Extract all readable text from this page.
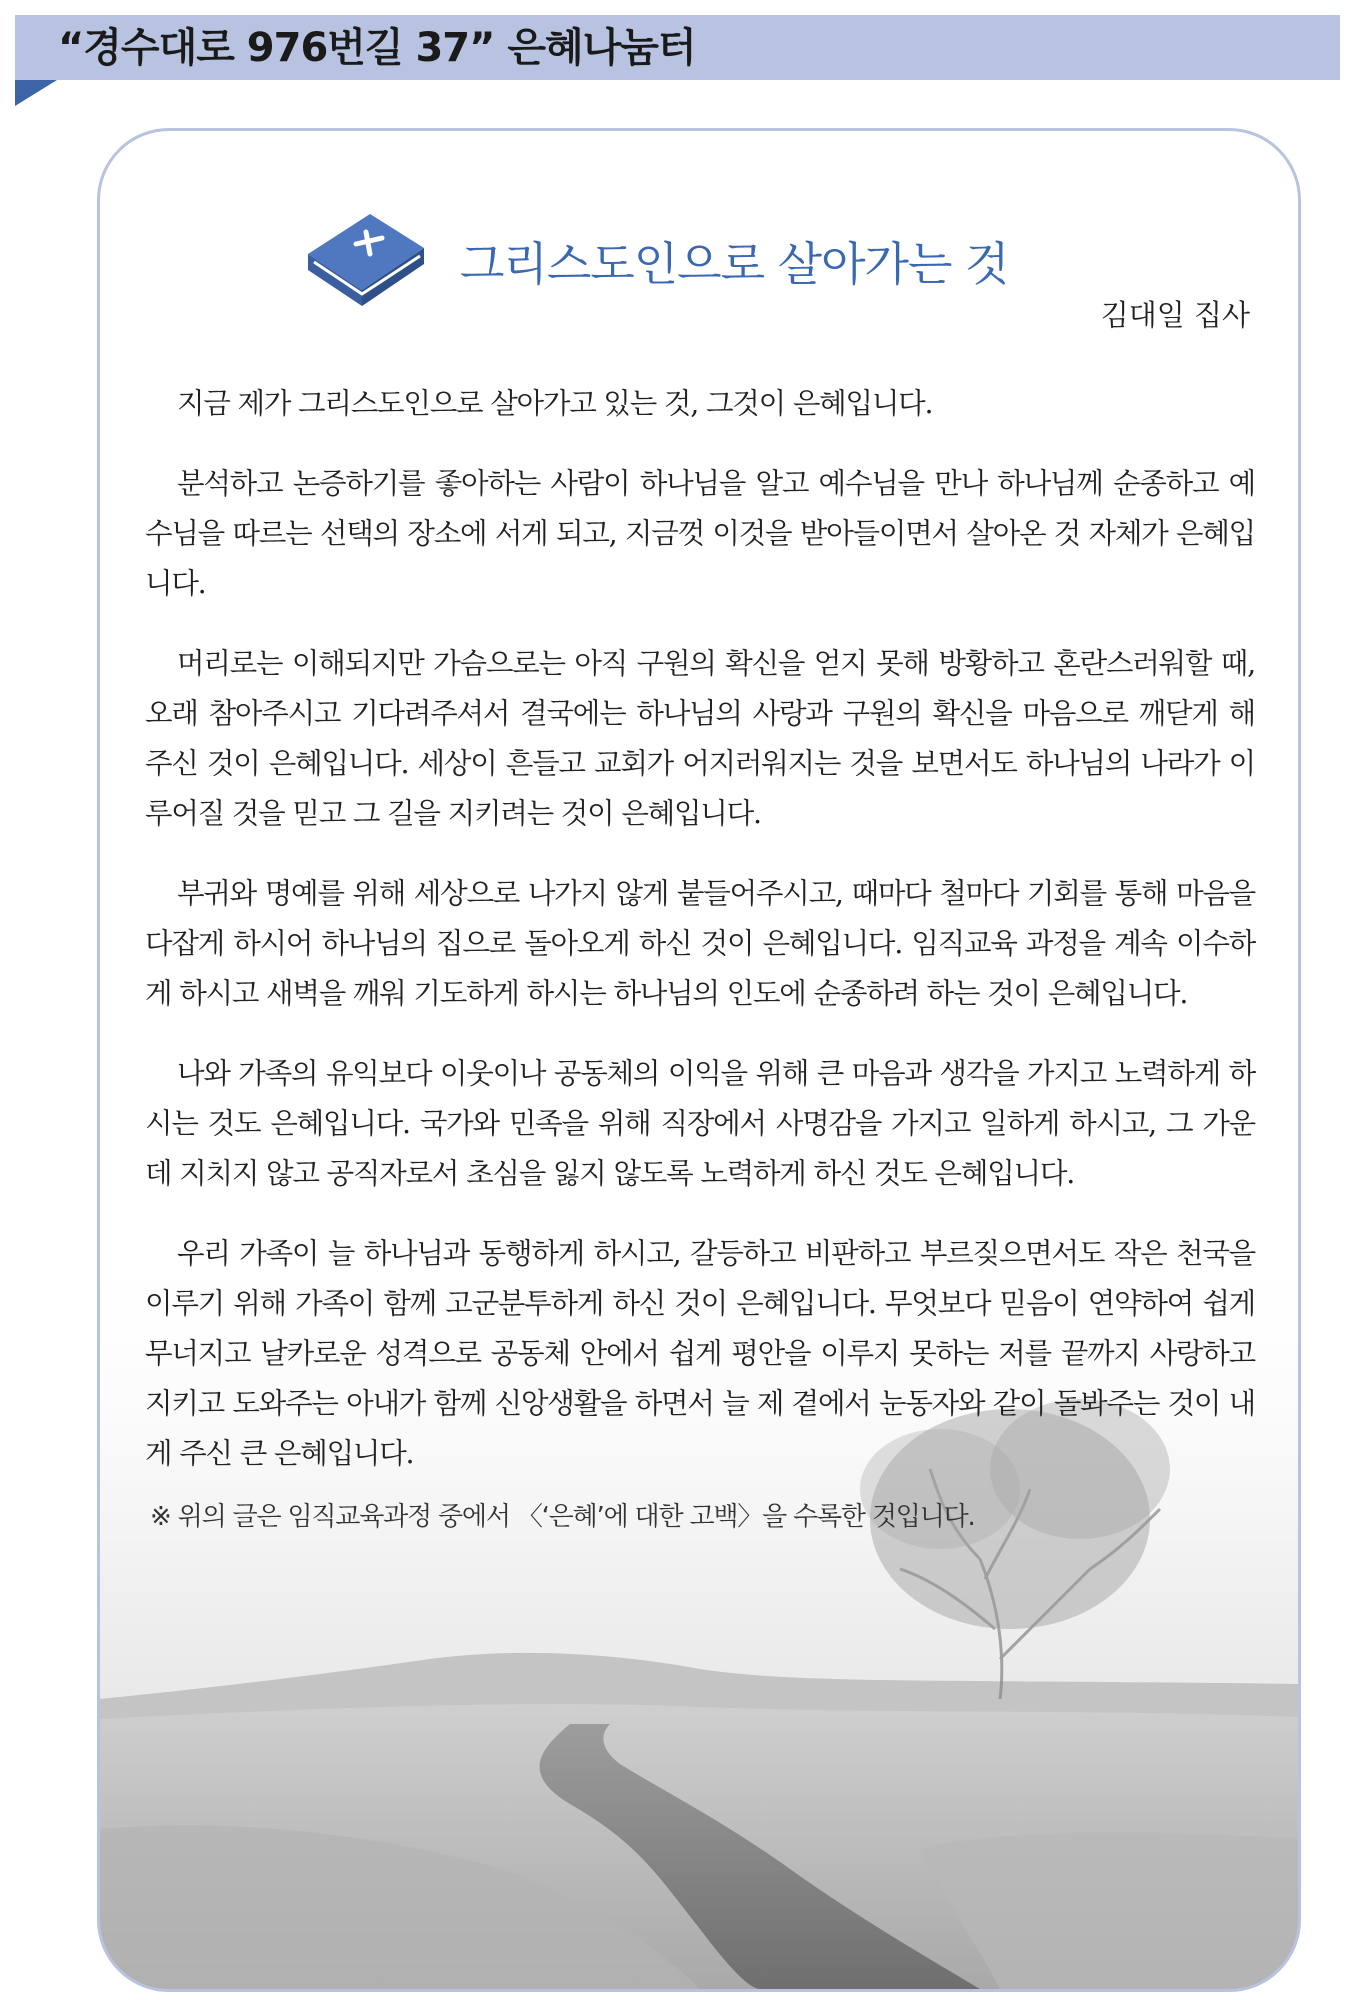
“경수대로 976번길 37” 은혜나눔터
그리스도인으로 살아가는 것
김대일 집사

지금 제가 그리스도인으로 살아가고 있는 것, 그것이 은혜입니다.

분석하고 논증하기를 좋아하는 사람이 하나님을 알고 예수님을 만나 하나님께 순종하고 예수님을 따르는 선택의 장소에 서게 되고, 지금껏 이것을 받아들이면서 살아온 것 자체가 은혜입니다.

머리로는 이해되지만 가슴으로는 아직 구원의 확신을 얻지 못해 방황하고 혼란스러워할 때, 오래 참아주시고 기다려주셔서 결국에는 하나님의 사랑과 구원의 확신을 마음으로 깨닫게 해 주신 것이 은혜입니다. 세상이 흔들고 교회가 어지러워지는 것을 보면서도 하나님의 나라가 이루어질 것을 믿고 그 길을 지키려는 것이 은혜입니다.

부귀와 명예를 위해 세상으로 나가지 않게 붙들어주시고, 때마다 철마다 기회를 통해 마음을 다잡게 하시어 하나님의 집으로 돌아오게 하신 것이 은혜입니다. 임직교육 과정을 계속 이수하게 하시고 새벽을 깨워 기도하게 하시는 하나님의 인도에 순종하려 하는 것이 은혜입니다.

나와 가족의 유익보다 이웃이나 공동체의 이익을 위해 큰 마음과 생각을 가지고 노력하게 하시는 것도 은혜입니다. 국가와 민족을 위해 직장에서 사명감을 가지고 일하게 하시고, 그 가운데 지치지 않고 공직자로서 초심을 잃지 않도록 노력하게 하신 것도 은혜입니다.

우리 가족이 늘 하나님과 동행하게 하시고, 갈등하고 비판하고 부르짖으면서도 작은 천국을 이루기 위해 가족이 함께 고군분투하게 하신 것이 은혜입니다. 무엇보다 믿음이 연약하여 쉽게 무너지고 날카로운 성격으로 공동체 안에서 쉽게 평안을 이루지 못하는 저를 끝까지 사랑하고 지키고 도와주는 아내가 함께 신앙생활을 하면서 늘 제 곁에서 눈동자와 같이 돌봐주는 것이 내게 주신 큰 은혜입니다.

※ 위의 글은 임직교육과정 중에서 〈‘은혜’에 대한 고백〉을 수록한 것입니다.
